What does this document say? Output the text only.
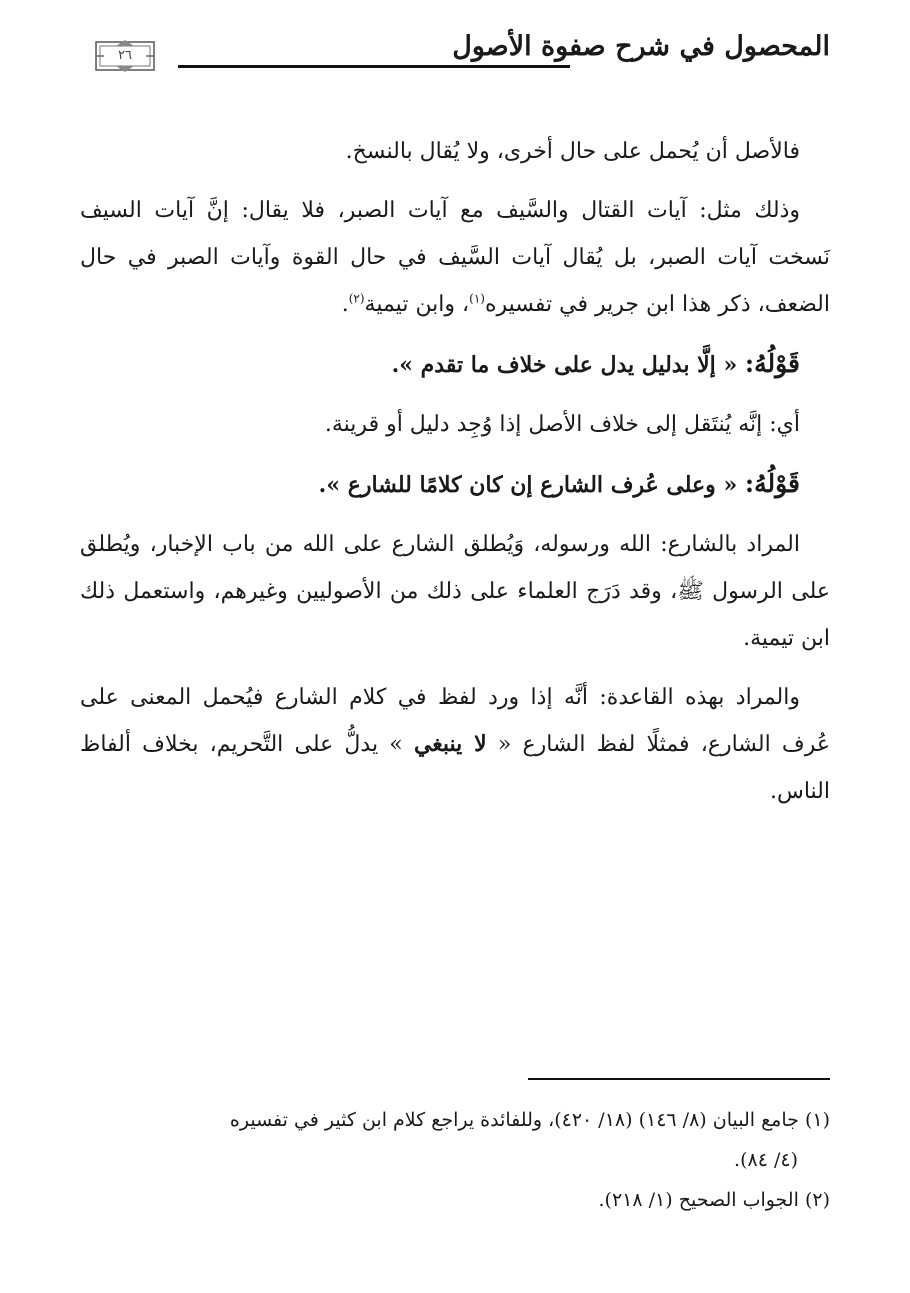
المحصول في شرح صفوة الأصول
٢٦

فالأصل أن يُحمل على حال أخرى، ولا يُقال بالنسخ.

وذلك مثل: آيات القتال والسَّيف مع آيات الصبر، فلا يقال: إنَّ آيات السيف نَسخت آيات الصبر، بل يُقال آيات السَّيف في حال القوة وآيات الصبر في حال الضعف، ذكر هذا ابن جرير في تفسيره$^{(١)}$، وابن تيمية$^{(٢)}$.

قَوْلُهُ: « إلَّا بدليل يدل على خلاف ما تقدم ».

أي: إنَّه يُنتَقل إلى خلاف الأصل إذا وُجِد دليل أو قرينة.

قَوْلُهُ: « وعلى عُرف الشارع إن كان كلامًا للشارع ».

المراد بالشارع: الله ورسوله، وَيُطلق الشارع على الله من باب الإخبار، ويُطلق على الرسول ﷺ، وقد دَرَج العلماء على ذلك من الأصوليين وغيرهم، واستعمل ذلك ابن تيمية.

والمراد بهذه القاعدة: أنَّه إذا ورد لفظ في كلام الشارع فيُحمل المعنى على عُرف الشارع، فمثلًا لفظ الشارع « لا ينبغي » يدلُّ على التَّحريم، بخلاف ألفاظ الناس.

(١) جامع البيان (٨/ ١٤٦) (١٨/ ٤٢٠)، وللفائدة يراجع كلام ابن كثير في تفسيره
(٤/ ٨٤).

(٢) الجواب الصحيح (١/ ٢١٨).
